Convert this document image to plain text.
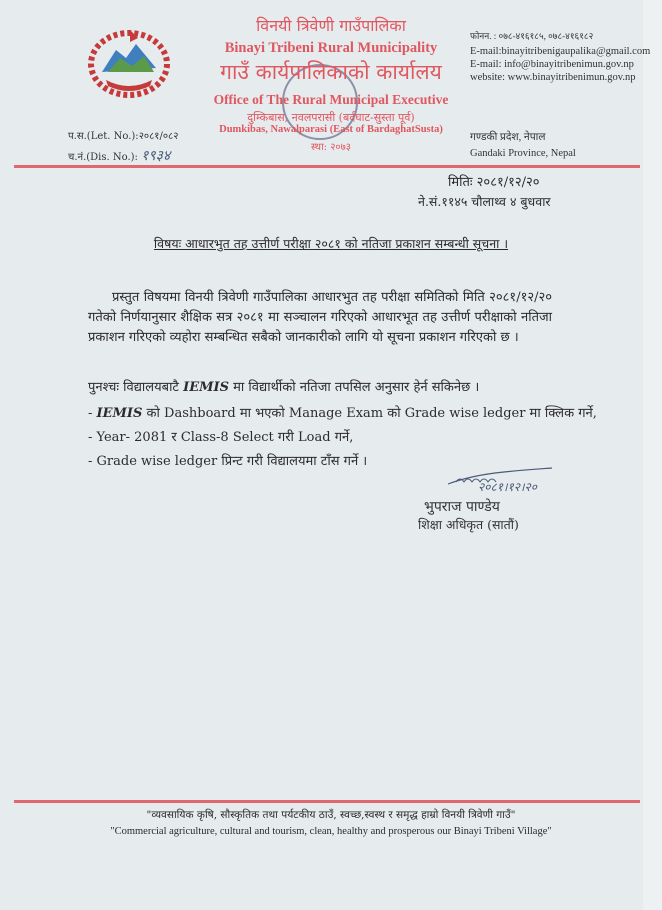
विनयी त्रिवेणी गाउँपालिका
Binayi Tribeni Rural Municipality
गाउँ कार्यपालिकाको कार्यालय
Office of The Rural Municipal Executive
दुम्किबास, नवलपरासी (बर्दघाट-सुस्ता पूर्व)
Dumkibas, Nawalparasi (East of BardaghatSusta)
स्था: २०७३
फोनन. : ०७८-४१६१८५, ०७८-४१६१८२
E-mail:binayitribenigaupalika@gmail.com
E-mail: info@binayitribenimun.gov.np
website: www.binayitribenimun.gov.np
प.स.(Let. No.):२०८१/०८२
च.नं.(Dis. No.): १९३४
गण्डकी प्रदेश, नेपाल
Gandaki Province, Nepal
मितिः २०८१/१२/२०
ने.सं.११४५ चौलाथ्व ४ बुधवार
विषयः आधारभुत तह उत्तीर्ण परीक्षा २०८१ को नतिजा प्रकाशन सम्बन्धी सूचना ।

प्रस्तुत विषयमा विनयी त्रिवेणी गाउँपालिका आधारभुत तह परीक्षा समितिको मिति २०८१/१२/२० गतेको निर्णयानुसार शैक्षिक सत्र २०८१ मा सञ्चालन गरिएको आधारभूत तह उत्तीर्ण परीक्षाको नतिजा प्रकाशन गरिएको व्यहोरा सम्बन्धित सबैको जानकारीको लागि यो सूचना प्रकाशन गरिएको छ ।

पुनश्चः विद्यालयबाटै IEMIS मा विद्यार्थीको नतिजा तपसिल अनुसार हेर्न सकिनेछ ।
- IEMIS को Dashboard मा भएको Manage Exam को Grade wise ledger मा क्लिक गर्ने,
- Year- 2081 र Class-8 Select गरी Load गर्ने,
- Grade wise ledger प्रिन्ट गरी विद्यालयमा टाँस गर्ने ।
२०८१।१२।२०
भुपराज पाण्डेय
शिक्षा अधिकृत (सातौं)
"व्यवसायिक कृषि, सौस्कृतिक तथा पर्यटकीय ठाउँ, स्वच्छ,स्वस्थ र समृद्ध हाम्रो विनयी त्रिवेणी गाउँ"
"Commercial agriculture, cultural and tourism, clean, healthy and prosperous our Binayi Tribeni Village"
